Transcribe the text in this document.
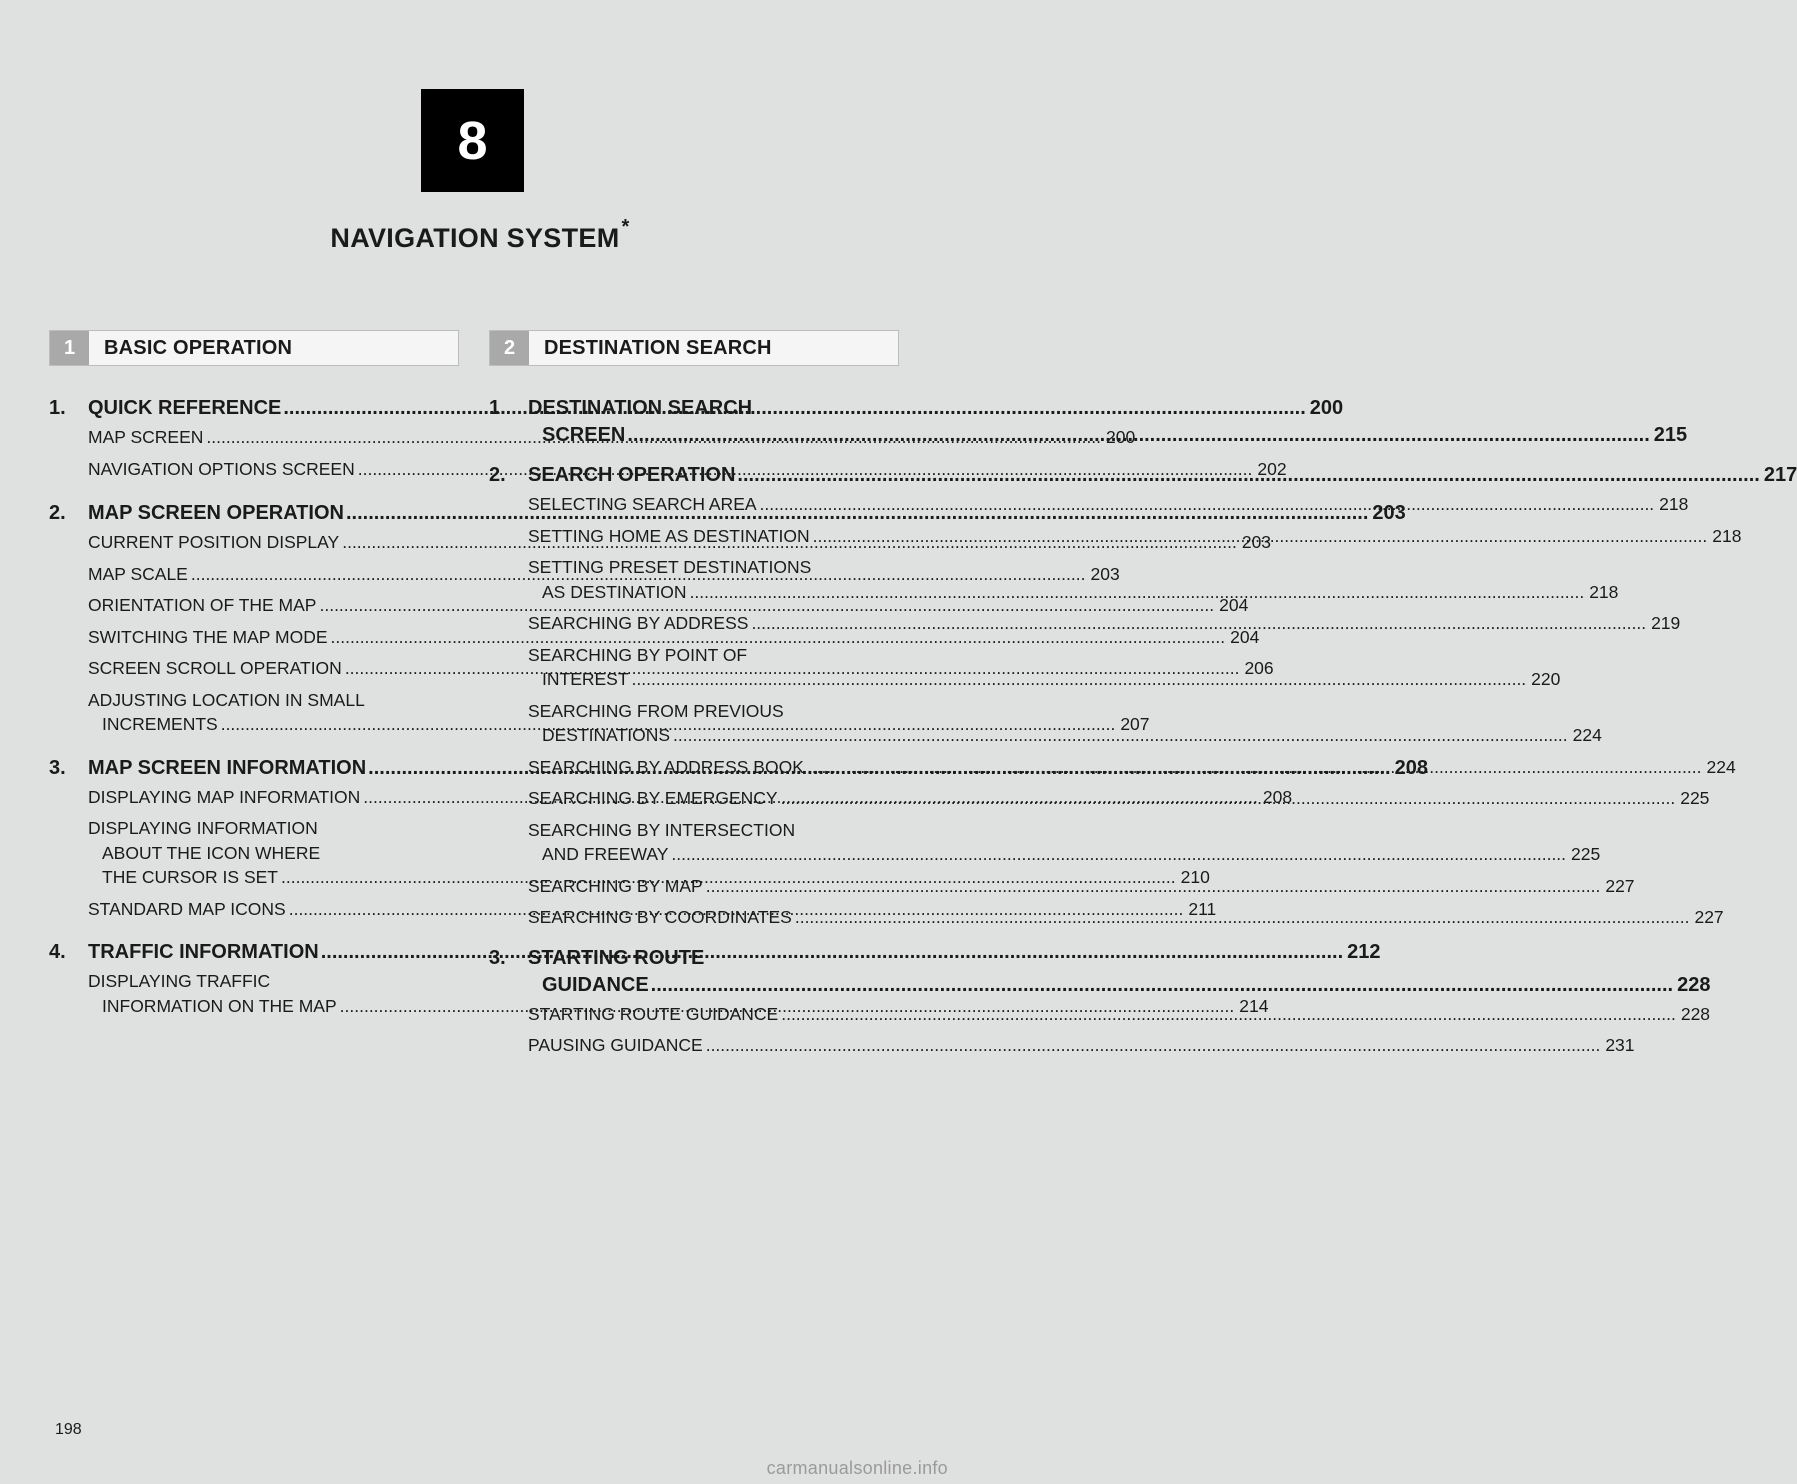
8
NAVIGATION SYSTEM *
1	BASIC OPERATION
1.	QUICK REFERENCE .....	200
MAP SCREEN .....	200
NAVIGATION OPTIONS SCREEN .....	202
2.	MAP SCREEN OPERATION .....	203
CURRENT POSITION DISPLAY .....	203
MAP SCALE .....	203
ORIENTATION OF THE MAP .....	204
SWITCHING THE MAP MODE .....	204
SCREEN SCROLL OPERATION .....	206
ADJUSTING LOCATION IN SMALL
INCREMENTS .....	207
3.	MAP SCREEN INFORMATION .....	208
DISPLAYING MAP INFORMATION .....	208
DISPLAYING INFORMATION
ABOUT THE ICON WHERE
THE CURSOR IS SET .....	210
STANDARD MAP ICONS .....	211
4.	TRAFFIC INFORMATION .....	212
DISPLAYING TRAFFIC
INFORMATION ON THE MAP .....	214
2	DESTINATION SEARCH
1.	DESTINATION SEARCH
SCREEN .....	215
2.	SEARCH OPERATION .....	217
SELECTING SEARCH AREA .....	218
SETTING HOME AS DESTINATION .....	218
SETTING PRESET DESTINATIONS
AS DESTINATION .....	218
SEARCHING BY ADDRESS .....	219
SEARCHING BY POINT OF
INTEREST .....	220
SEARCHING FROM PREVIOUS
DESTINATIONS .....	224
SEARCHING BY ADDRESS BOOK .....	224
SEARCHING BY EMERGENCY .....	225
SEARCHING BY INTERSECTION
AND FREEWAY .....	225
SEARCHING BY MAP .....	227
SEARCHING BY COORDINATES .....	227
3.	STARTING ROUTE
GUIDANCE .....	228
STARTING ROUTE GUIDANCE .....	228
PAUSING GUIDANCE .....	231
198
carmanualsonline.info
